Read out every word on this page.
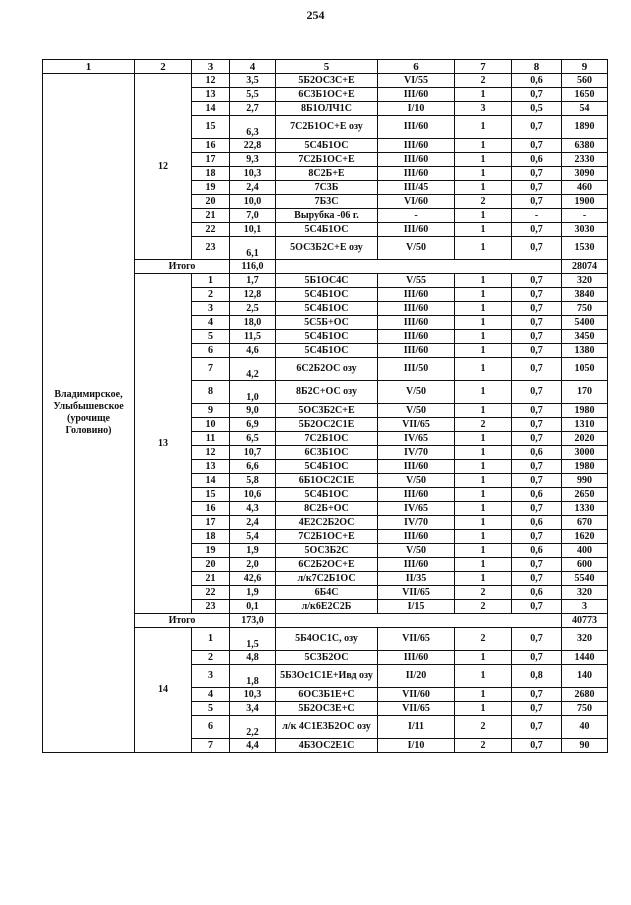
254
1	2	3	4	5	6	7	8	9

Владимирское,
Улыбышевское
(урочище
Головино)	12	12	3,5	5Б2ОС3С+Е	VI/55	2	0,6	560
		13	5,5	6С3Б1ОС+Е	III/60	1	0,7	1650
		14	2,7	8Б1ОЛЧ1С	I/10	3	0,5	54
		15	6,3	7С2Б1ОС+Е озу	III/60	1	0,7	1890
		16	22,8	5С4Б1ОС	III/60	1	0,7	6380
		17	9,3	7С2Б1ОС+Е	III/60	1	0,6	2330
		18	10,3	8С2Б+Е	III/60	1	0,7	3090
		19	2,4	7С3Б	III/45	1	0,7	460
		20	10,0	7Б3С	VI/60	2	0,7	1900
		21	7,0	Вырубка -06 г.	-	1	-	-
		22	10,1	5С4Б1ОС	III/60	1	0,7	3030
		23	6,1	5ОС3Б2С+Е озу	V/50	1	0,7	1530
	Итого		116,0					28074
	13	1	1,7	5Б1ОС4С	V/55	1	0,7	320
		2	12,8	5С4Б1ОС	III/60	1	0,7	3840
		3	2,5	5С4Б1ОС	III/60	1	0,7	750
		4	18,0	5С5Б+ОС	III/60	1	0,7	5400
		5	11,5	5С4Б1ОС	III/60	1	0,7	3450
		6	4,6	5С4Б1ОС	III/60	1	0,7	1380
		7	4,2	6С2Б2ОС озу	III/50	1	0,7	1050
		8	1,0	8Б2С+ОС озу	V/50	1	0,7	170
		9	9,0	5ОС3Б2С+Е	V/50	1	0,7	1980
		10	6,9	5Б2ОС2С1Е	VII/65	2	0,7	1310
		11	6,5	7С2Б1ОС	IV/65	1	0,7	2020
		12	10,7	6С3Б1ОС	IV/70	1	0,6	3000
		13	6,6	5С4Б1ОС	III/60	1	0,7	1980
		14	5,8	6Б1ОС2С1Е	V/50	1	0,7	990
		15	10,6	5С4Б1ОС	III/60	1	0,6	2650
		16	4,3	8С2Б+ОС	IV/65	1	0,7	1330
		17	2,4	4Е2С2Б2ОС	IV/70	1	0,6	670
		18	5,4	7С2Б1ОС+Е	III/60	1	0,7	1620
		19	1,9	5ОС3Б2С	V/50	1	0,6	400
		20	2,0	6С2Б2ОС+Е	III/60	1	0,7	600
		21	42,6	л/к7С2Б1ОС	II/35	1	0,7	5540
		22	1,9	6Б4С	VII/65	2	0,6	320
		23	0,1	л/к6Е2С2Б	I/15	2	0,7	3
	Итого		173,0					40773
	14	1	1,5	5Б4ОС1С, озу	VII/65	2	0,7	320
		2	4,8	5С3Б2ОС	III/60	1	0,7	1440
		3	1,8	5Б3Ос1С1Е+Ивд озу	II/20	1	0,8	140
		4	10,3	6ОС3Б1Е+С	VII/60	1	0,7	2680
		5	3,4	5Б2ОС3Е+С	VII/65	1	0,7	750
		6	2,2	л/к 4С1Е3Б2ОС озу	I/11	2	0,7	40
		7	4,4	4Б3ОС2Е1С	I/10	2	0,7	90
